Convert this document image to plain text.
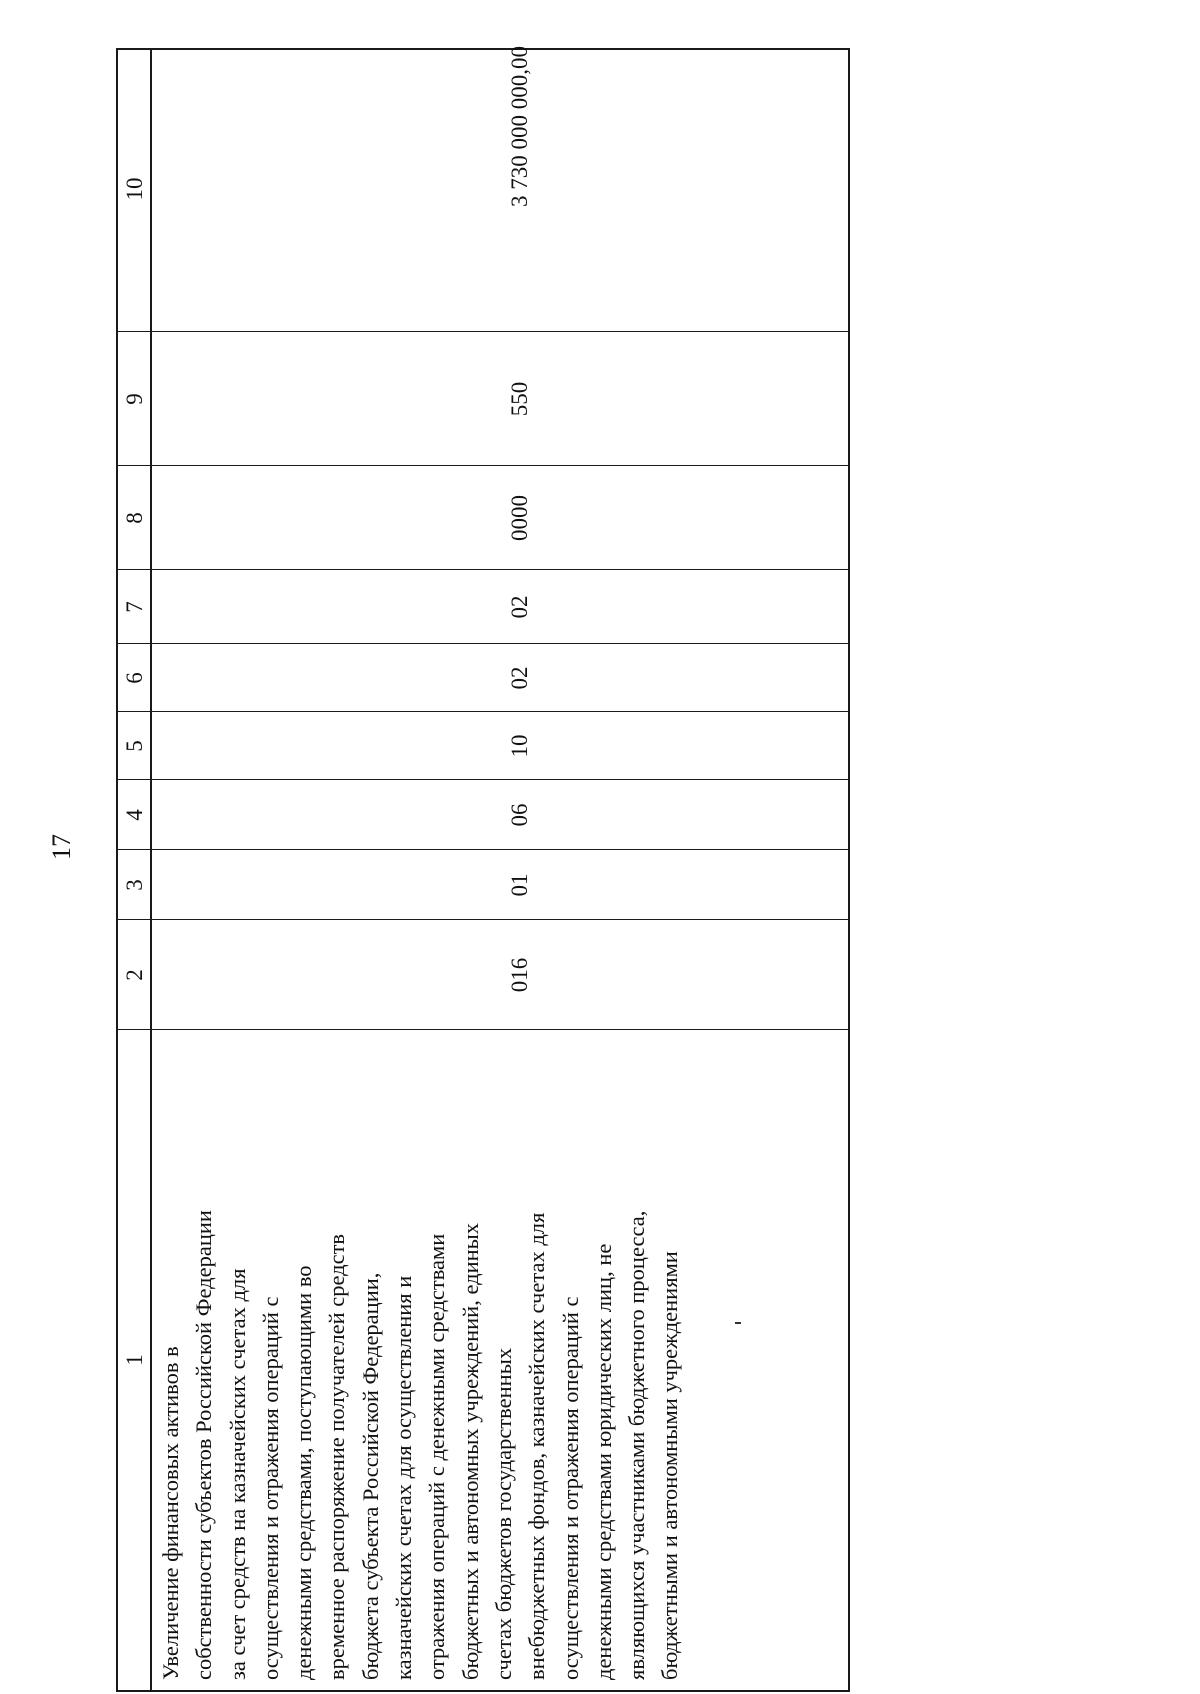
17
1
2
3
4
5
6
7
8
9
10
Увеличение финансовых активов в собственности субъектов Российской Федерации за счет средств на казначейских счетах для осуществления и отражения операций с денежными средствами, поступающими во временное распоряжение получателей средств бюджета субъекта Российской Федерации, казначейских счетах для осуществления и отражения операций с денежными средствами бюджетных и автономных учреждений, единых счетах бюджетов государственных внебюджетных фондов, казначейских счетах для осуществления и отражения операций с денежными средствами юридических лиц, не являющихся участниками бюджетного процесса, бюджетными и автономными учреждениями
016
01
06
10
02
02
0000
550
3 730 000 000,00
